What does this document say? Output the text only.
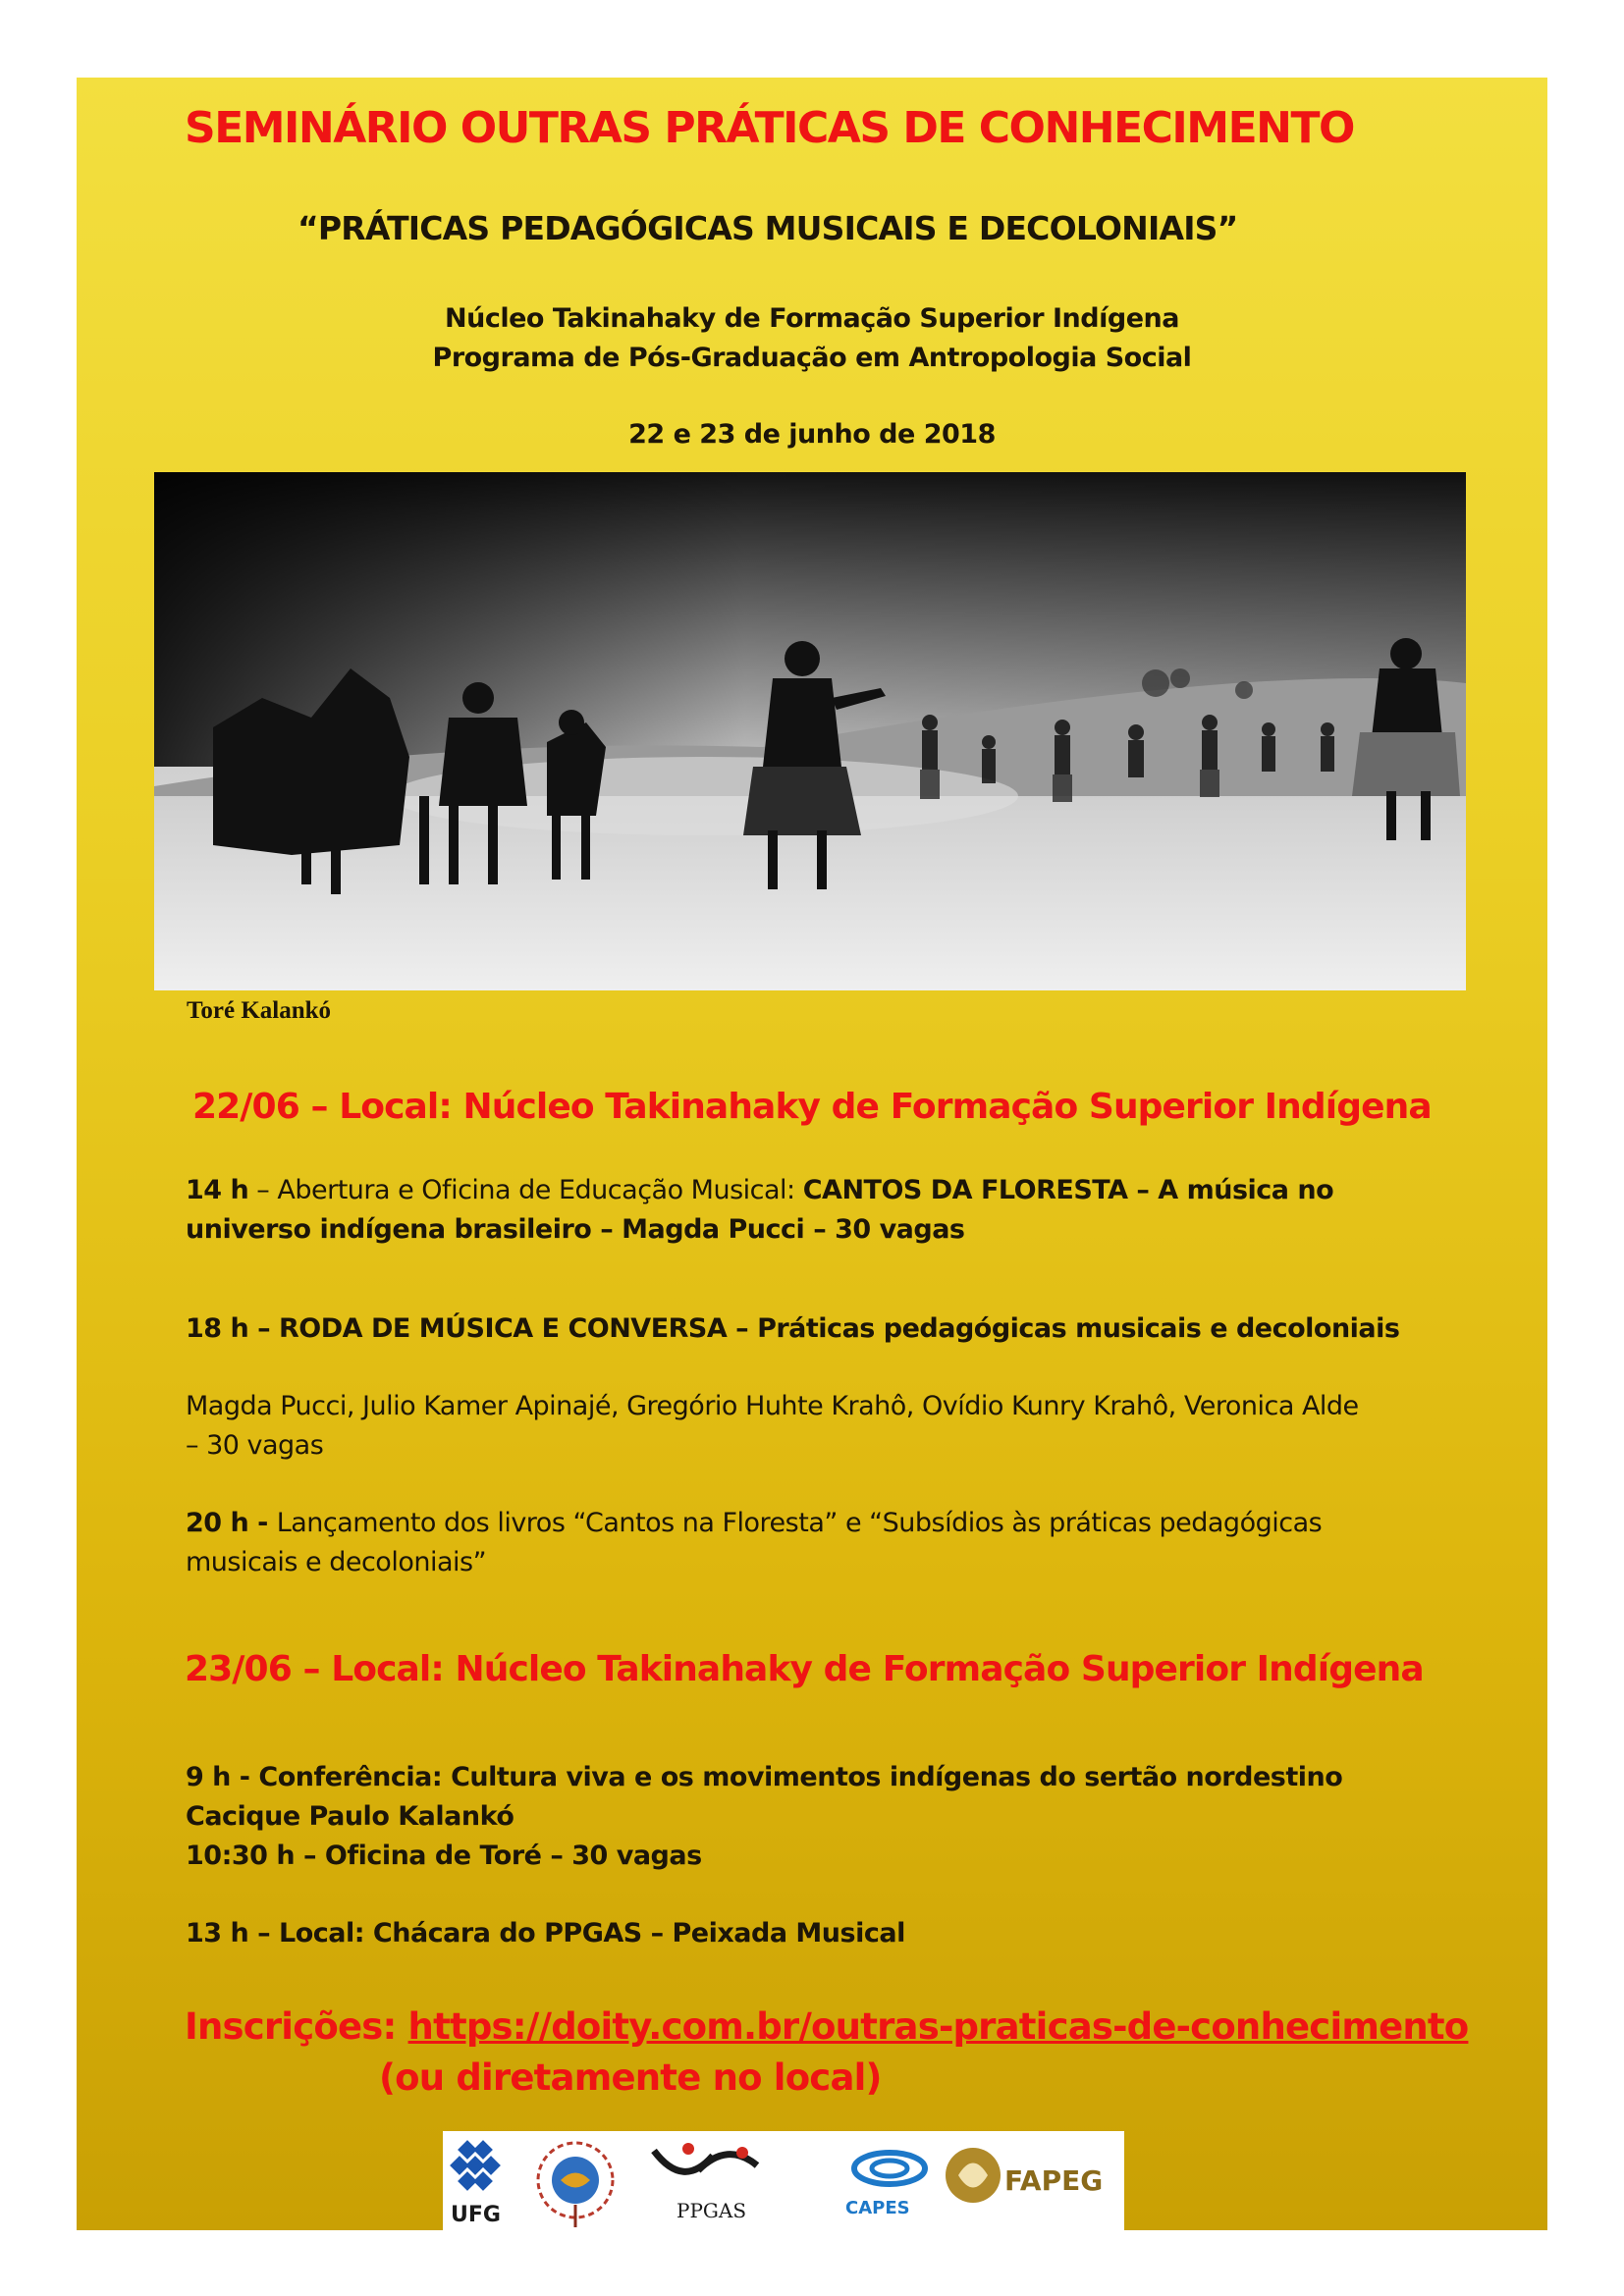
SEMINÁRIO OUTRAS PRÁTICAS DE CONHECIMENTO
“PRÁTICAS PEDAGÓGICAS MUSICAIS E DECOLONIAIS”
Núcleo Takinahaky de Formação Superior Indígena
Programa de Pós-Graduação em Antropologia Social
22 e 23 de junho de 2018
Toré Kalankó
22/06 – Local: Núcleo Takinahaky de Formação Superior Indígena
14 h – Abertura e Oficina de Educação Musical: CANTOS DA FLORESTA – A música no
universo indígena brasileiro – Magda Pucci – 30 vagas
18 h – RODA DE MÚSICA E CONVERSA – Práticas pedagógicas musicais e decoloniais
Magda Pucci, Julio Kamer Apinajé, Gregório Huhte Krahô, Ovídio Kunry Krahô, Veronica Alde
– 30 vagas
20 h - Lançamento dos livros “Cantos na Floresta” e “Subsídios às práticas pedagógicas
musicais e decoloniais”
23/06 – Local: Núcleo Takinahaky de Formação Superior Indígena
9 h - Conferência: Cultura viva e os movimentos indígenas do sertão nordestino
Cacique Paulo Kalankó
10:30 h – Oficina de Toré – 30 vagas
13 h – Local: Chácara do PPGAS – Peixada Musical
Inscrições: https://doity.com.br/outras-praticas-de-conhecimento
(ou diretamente no local)
UFG	PPGAS	CAPES
FAPEG
